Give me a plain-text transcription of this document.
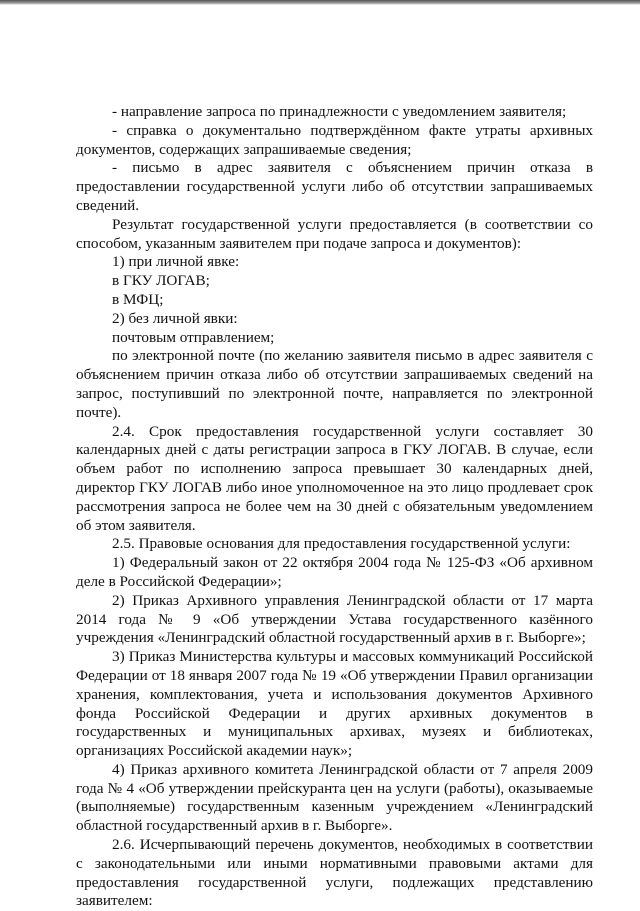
- направление запроса по принадлежности с уведомлением заявителя;

- справка о документально подтверждённом факте утраты архивных документов, содержащих запрашиваемые сведения;

- письмо в адрес заявителя с объяснением причин отказа в предоставлении государственной услуги либо об отсутствии запрашиваемых сведений.

Результат государственной услуги предоставляется (в соответствии со способом, указанным заявителем при подаче запроса и документов):

1) при личной явке:

в ГКУ ЛОГАВ;

в МФЦ;

2) без личной явки:

почтовым отправлением;

по электронной почте (по желанию заявителя письмо в адрес заявителя с объяснением причин отказа либо об отсутствии запрашиваемых сведений на запрос, поступивший по электронной почте, направляется по электронной почте).

2.4. Срок предоставления государственной услуги составляет 30 календарных дней с даты регистрации запроса в ГКУ ЛОГАВ. В случае, если объем работ по исполнению запроса превышает 30 календарных дней, директор ГКУ ЛОГАВ либо иное уполномоченное на это лицо продлевает срок рассмотрения запроса не более чем на 30 дней с обязательным уведомлением об этом заявителя.

2.5. Правовые основания для предоставления государственной услуги:

1) Федеральный закон от 22 октября 2004 года № 125-ФЗ «Об архивном деле в Российской Федерации»;

2) Приказ Архивного управления Ленинградской области от 17 марта 2014 года № 9 «Об утверждении Устава государственного казённого учреждения «Ленинградский областной государственный архив в г. Выборге»;

3) Приказ Министерства культуры и массовых коммуникаций Российской Федерации от 18 января 2007 года № 19 «Об утверждении Правил организации хранения, комплектования, учета и использования документов Архивного фонда Российской Федерации и других архивных документов в государственных и муниципальных архивах, музеях и библиотеках, организациях Российской академии наук»;

4) Приказ архивного комитета Ленинградской области от 7 апреля 2009 года № 4 «Об утверждении прейскуранта цен на услуги (работы), оказываемые (выполняемые) государственным казенным учреждением «Ленинградский областной государственный архив в г. Выборге».

2.6. Исчерпывающий перечень документов, необходимых в соответствии с законодательными или иными нормативными правовыми актами для предоставления государственной услуги, подлежащих представлению заявителем:
